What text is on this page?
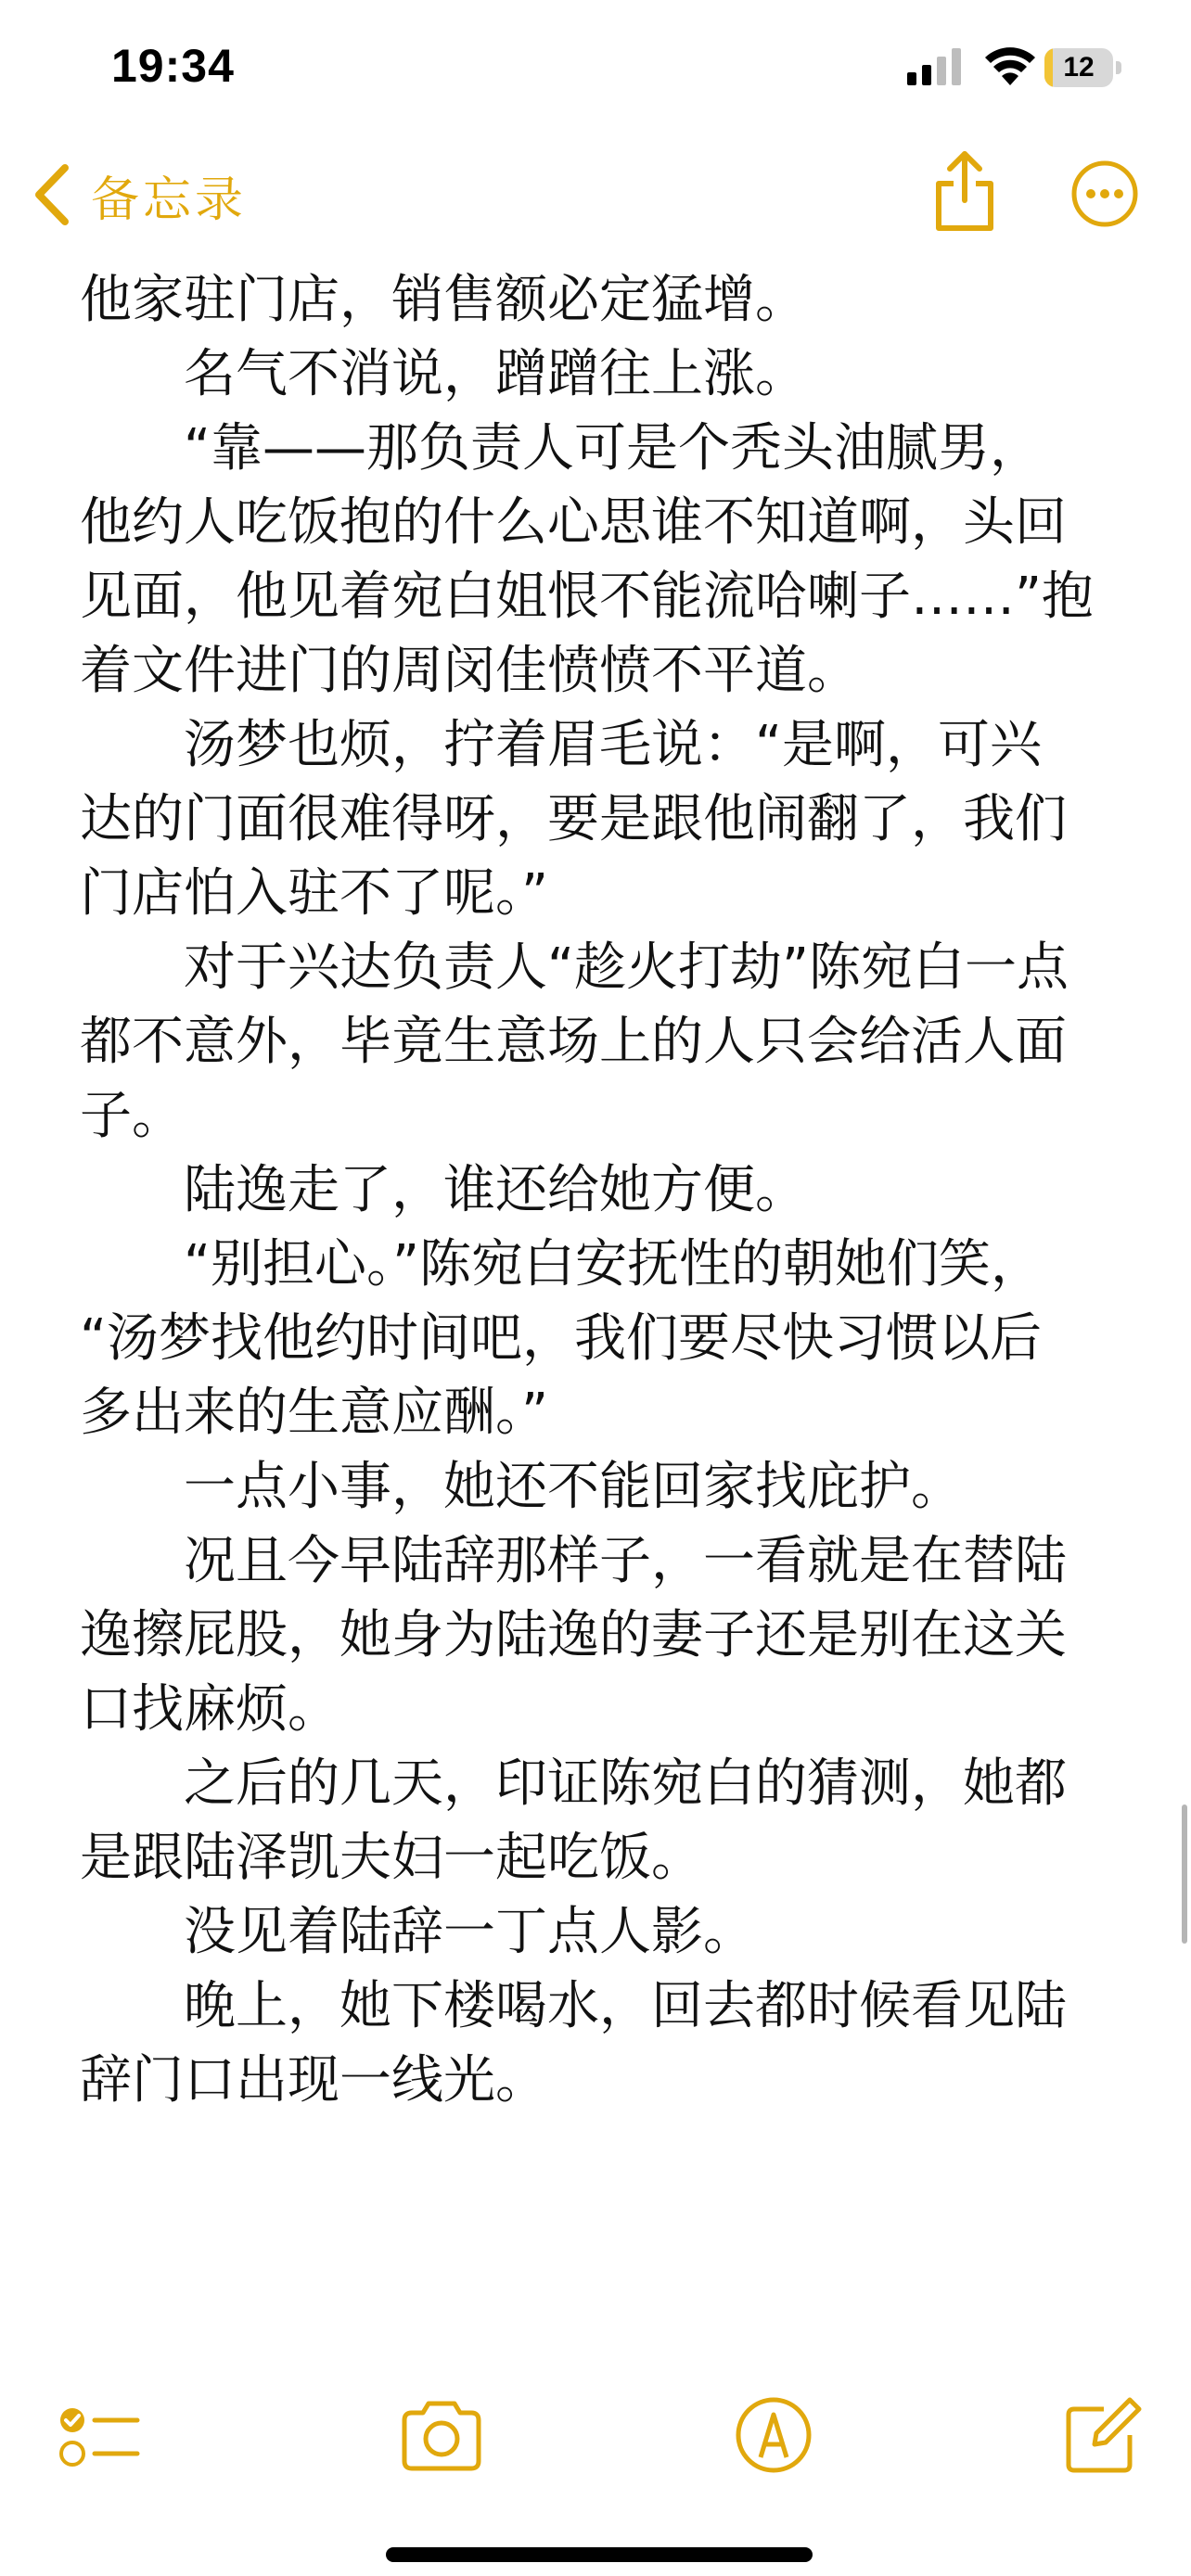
19:34	12
备忘录
他家驻门店，销售额必定猛增。
　　名气不消说，蹭蹭往上涨。
　　“靠——那负责人可是个秃头油腻男，
他约人吃饭抱的什么心思谁不知道啊，头回
见面，他见着宛白姐恨不能流哈喇子……”抱
着文件进门的周闵佳愤愤不平道。
　　汤梦也烦，拧着眉毛说：“是啊，可兴
达的门面很难得呀，要是跟他闹翻了，我们
门店怕入驻不了呢。”
　　对于兴达负责人“趁火打劫”陈宛白一点
都不意外，毕竟生意场上的人只会给活人面
子。
　　陆逸走了，谁还给她方便。
　　“别担心。”陈宛白安抚性的朝她们笑，
“汤梦找他约时间吧，我们要尽快习惯以后
多出来的生意应酬。”
　　一点小事，她还不能回家找庇护。
　　况且今早陆辞那样子，一看就是在替陆
逸擦屁股，她身为陆逸的妻子还是别在这关
口找麻烦。
　　之后的几天，印证陈宛白的猜测，她都
是跟陆泽凯夫妇一起吃饭。
　　没见着陆辞一丁点人影。
　　晚上，她下楼喝水，回去都时候看见陆
辞门口出现一线光。
